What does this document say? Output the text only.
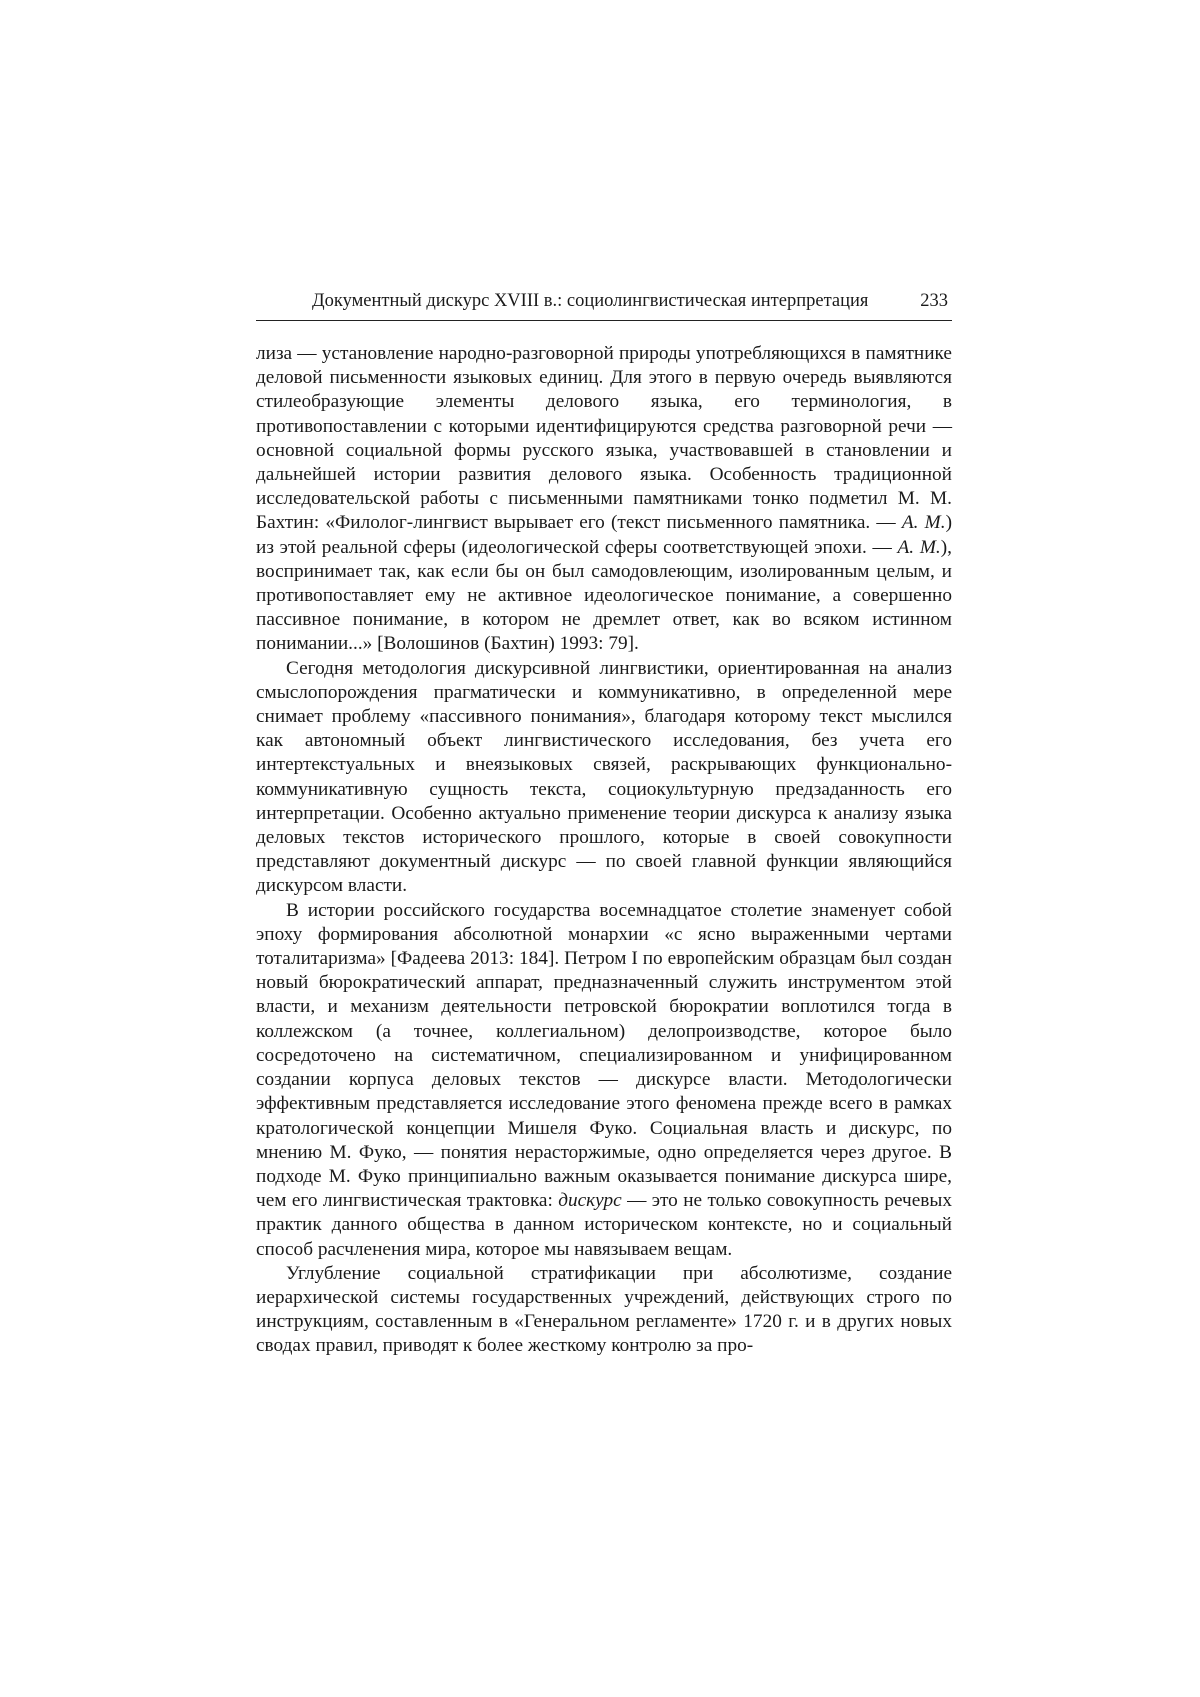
Документный дискурс XVIII в.: социолингвистическая интерпретация	233

лиза — установление народно-разговорной природы употребляющихся в памятнике деловой письменности языковых единиц. Для этого в первую очередь выявляются стилеобразующие элементы делового языка, его терминология, в противопоставлении с которыми идентифицируются средства разговорной речи — основной социальной формы русского языка, участвовавшей в становлении и дальнейшей истории развития делового языка. Особенность традиционной исследовательской работы с письменными памятниками тонко подметил М. М. Бахтин: «Филолог-лингвист вырывает его (текст письменного памятника. — А. М.) из этой реальной сферы (идеологической сферы соответствующей эпохи. — А. М.), воспринимает так, как если бы он был самодовлеющим, изолированным целым, и противопоставляет ему не активное идеологическое понимание, а совершенно пассивное понимание, в котором не дремлет ответ, как во всяком истинном понимании...» [Волошинов (Бахтин) 1993: 79].

Сегодня методология дискурсивной лингвистики, ориентированная на анализ смыслопорождения прагматически и коммуникативно, в определенной мере снимает проблему «пассивного понимания», благодаря которому текст мыслился как автономный объект лингвистического исследования, без учета его интертекстуальных и внеязыковых связей, раскрывающих функционально-коммуникативную сущность текста, социокультурную предзаданность его интерпретации. Особенно актуально применение теории дискурса к анализу языка деловых текстов исторического прошлого, которые в своей совокупности представляют документный дискурс — по своей главной функции являющийся дискурсом власти.

В истории российского государства восемнадцатое столетие знаменует собой эпоху формирования абсолютной монархии «с ясно выраженными чертами тоталитаризма» [Фадеева 2013: 184]. Петром I по европейским образцам был создан новый бюрократический аппарат, предназначенный служить инструментом этой власти, и механизм деятельности петровской бюрократии воплотился тогда в коллежском (а точнее, коллегиальном) делопроизводстве, которое было сосредоточено на систематичном, специализированном и унифицированном создании корпуса деловых текстов — дискурсе власти. Методологически эффективным представляется исследование этого феномена прежде всего в рамках кратологической концепции Мишеля Фуко. Социальная власть и дискурс, по мнению М. Фуко, — понятия нерасторжимые, одно определяется через другое. В подходе М. Фуко принципиально важным оказывается понимание дискурса шире, чем его лингвистическая трактовка: дискурс — это не только совокупность речевых практик данного общества в данном историческом контексте, но и социальный способ расчленения мира, которое мы навязываем вещам.

Углубление социальной стратификации при абсолютизме, создание иерархической системы государственных учреждений, действующих строго по инструкциям, составленным в «Генеральном регламенте» 1720 г. и в других новых сводах правил, приводят к более жесткому контролю за про-
